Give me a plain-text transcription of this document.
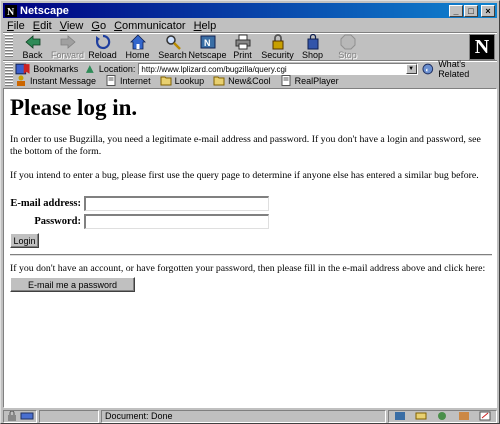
N Netscape	_	□	×
File Edit View Go Communicator Help
Back Forward Reload Home Search
N
Netscape Print Security Shop Stop	N
Bookmarks Location: http://www.lplizard.com/bugzilla/query.cgi	▼	◐
What's Related
Instant Message	Internet	Lookup	New&Cool	RealPlayer
Please log in.

In order to use Bugzilla, you need a legitimate e-mail address and password. If you don't have a login and password, see the bottom of the form.

If you intend to enter a bug, please first use the query page to determine if anyone else has entered a similar bug before.

E-mail address:
Password:
Login

If you don't have an account, or have forgotten your password, then please fill in the e-mail address above and click here:

E-mail me a password
Document: Done
